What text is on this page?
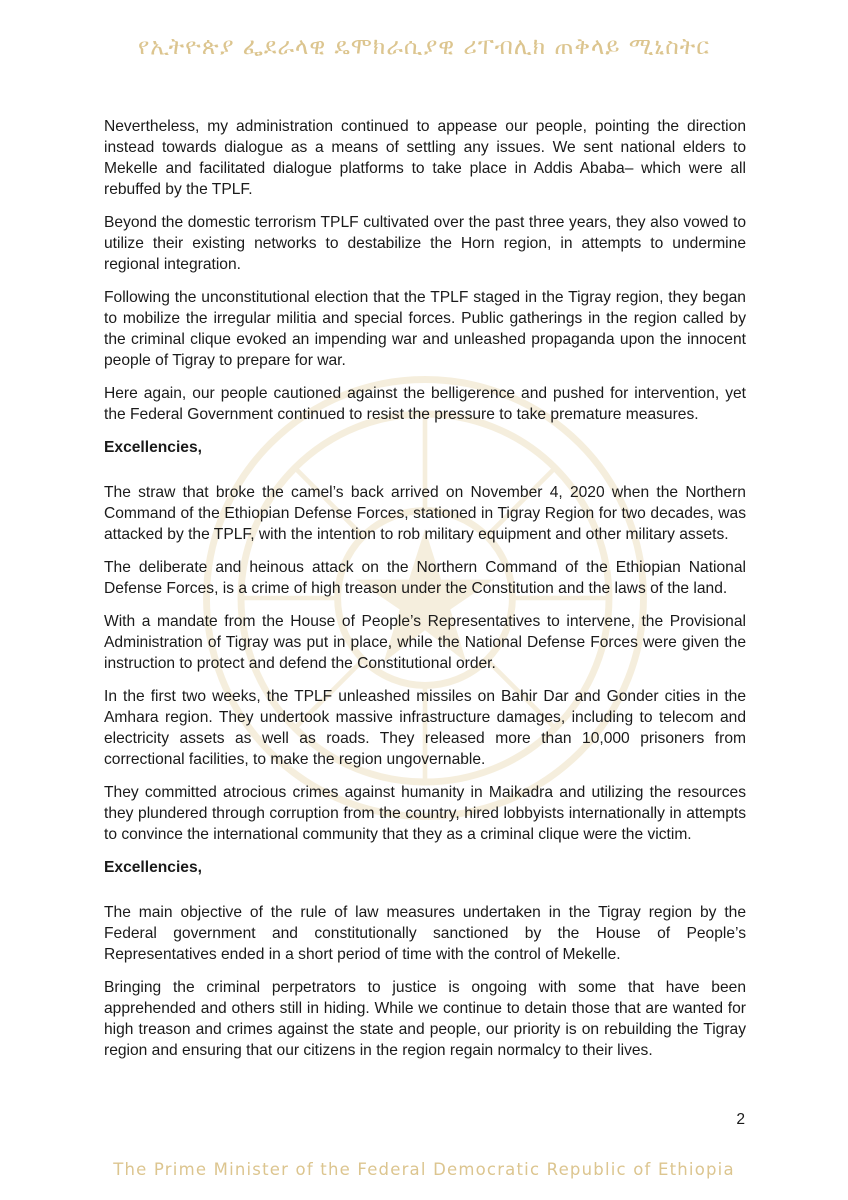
የኢትዮጵያ ፌደራላዊ ዴሞክራሲያዊ ሪፐብሊክ ጠቅላይ ሚኒስትር

Nevertheless, my administration continued to appease our people, pointing the direction instead towards dialogue as a means of settling any issues. We sent national elders to Mekelle and facilitated dialogue platforms to take place in Addis Ababa– which were all rebuffed by the TPLF.

Beyond the domestic terrorism TPLF cultivated over the past three years, they also vowed to utilize their existing networks to destabilize the Horn region, in attempts to undermine regional integration.

Following the unconstitutional election that the TPLF staged in the Tigray region, they began to mobilize the irregular militia and special forces. Public gatherings in the region called by the criminal clique evoked an impending war and unleashed propaganda upon the innocent people of Tigray to prepare for war.

Here again, our people cautioned against the belligerence and pushed for intervention, yet the Federal Government continued to resist the pressure to take premature measures.

Excellencies,

The straw that broke the camel’s back arrived on November 4, 2020 when the Northern Command of the Ethiopian Defense Forces, stationed in Tigray Region for two decades, was attacked by the TPLF, with the intention to rob military equipment and other military assets.

The deliberate and heinous attack on the Northern Command of the Ethiopian National Defense Forces, is a crime of high treason under the Constitution and the laws of the land.

With a mandate from the House of People’s Representatives to intervene, the Provisional Administration of Tigray was put in place, while the National Defense Forces were given the instruction to protect and defend the Constitutional order.

In the first two weeks, the TPLF unleashed missiles on Bahir Dar and Gonder cities in the Amhara region. They undertook massive infrastructure damages, including to telecom and electricity assets as well as roads. They released more than 10,000 prisoners from correctional facilities, to make the region ungovernable.

They committed atrocious crimes against humanity in Maikadra and utilizing the resources they plundered through corruption from the country, hired lobbyists internationally in attempts to convince the international community that they as a criminal clique were the victim.

Excellencies,

The main objective of the rule of law measures undertaken in the Tigray region by the Federal government and constitutionally sanctioned by the House of People’s Representatives ended in a short period of time with the control of Mekelle.

Bringing the criminal perpetrators to justice is ongoing with some that have been apprehended and others still in hiding. While we continue to detain those that are wanted for high treason and crimes against the state and people, our priority is on rebuilding the Tigray region and ensuring that our citizens in the region regain normalcy to their lives.

2
The Prime Minister of the Federal Democratic Republic of Ethiopia
